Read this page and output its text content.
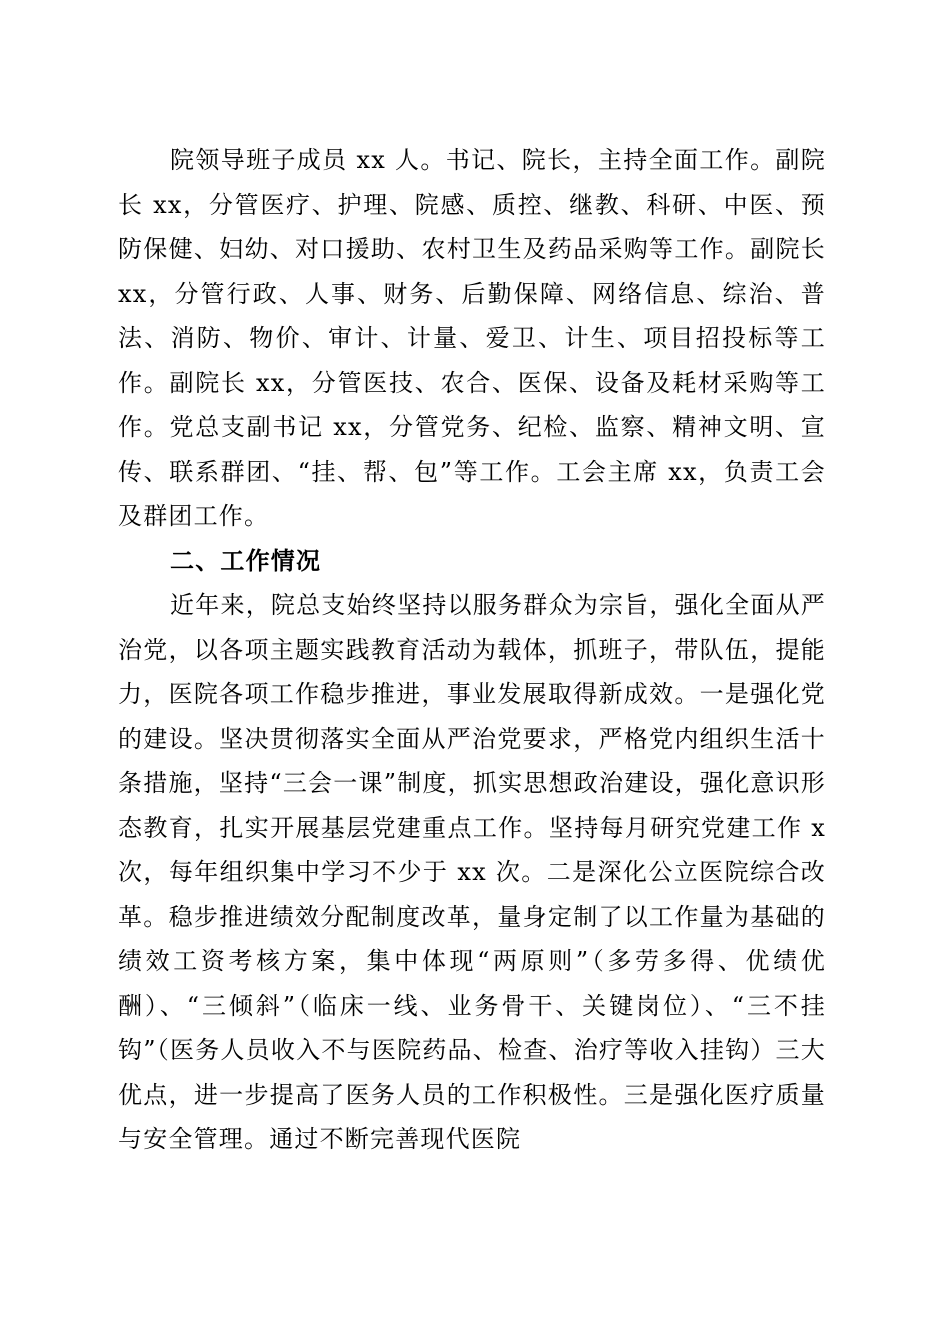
院领导班子成员 xx 人。书记、院长，主持全面工作。副院长 xx，分管医疗、护理、院感、质控、继教、科研、中医、预防保健、妇幼、对口援助、农村卫生及药品采购等工作。副院长 xx，分管行政、人事、财务、后勤保障、网络信息、综治、普法、消防、物价、审计、计量、爱卫、计生、项目招投标等工作。副院长 xx，分管医技、农合、医保、设备及耗材采购等工作。党总支副书记 xx，分管党务、纪检、监察、精神文明、宣传、联系群团、“挂、帮、包”等工作。工会主席 xx，负责工会及群团工作。

二、工作情况

近年来，院总支始终坚持以服务群众为宗旨，强化全面从严治党，以各项主题实践教育活动为载体，抓班子，带队伍，提能力，医院各项工作稳步推进，事业发展取得新成效。一是强化党的建设。坚决贯彻落实全面从严治党要求，严格党内组织生活十条措施，坚持“三会一课”制度，抓实思想政治建设，强化意识形态教育，扎实开展基层党建重点工作。坚持每月研究党建工作 x 次，每年组织集中学习不少于 xx 次。二是深化公立医院综合改革。稳步推进绩效分配制度改革，量身定制了以工作量为基础的绩效工资考核方案，集中体现“两原则”（多劳多得、优绩优酬）、“三倾斜”（临床一线、业务骨干、关键岗位）、“三不挂钩”（医务人员收入不与医院药品、检查、治疗等收入挂钩）三大优点，进一步提高了医务人员的工作积极性。三是强化医疗质量与安全管理。通过不断完善现代医院
